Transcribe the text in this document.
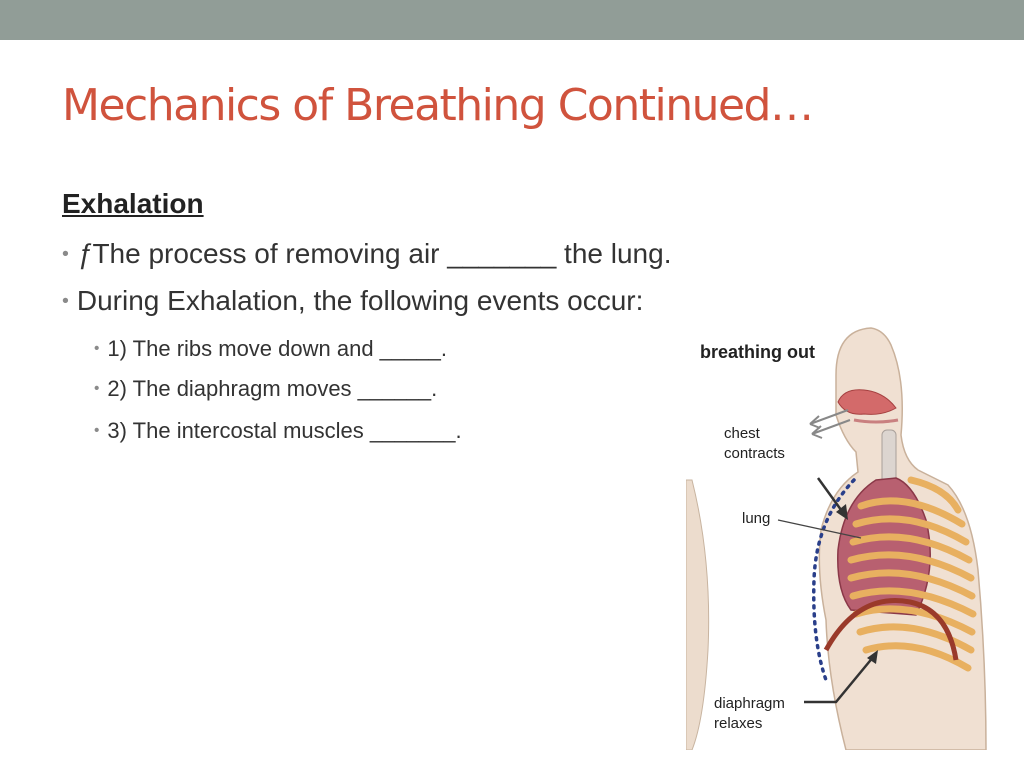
Mechanics of Breathing Continued…
Exhalation
• ƒThe process of removing air _______ the lung.
• During Exhalation, the following events occur:
• 1) The ribs move down and _____.
• 2) The diaphragm moves ______.
• 3) The intercostal muscles _______.
breathing out
chest
contracts
lung
diaphragm
relaxes
